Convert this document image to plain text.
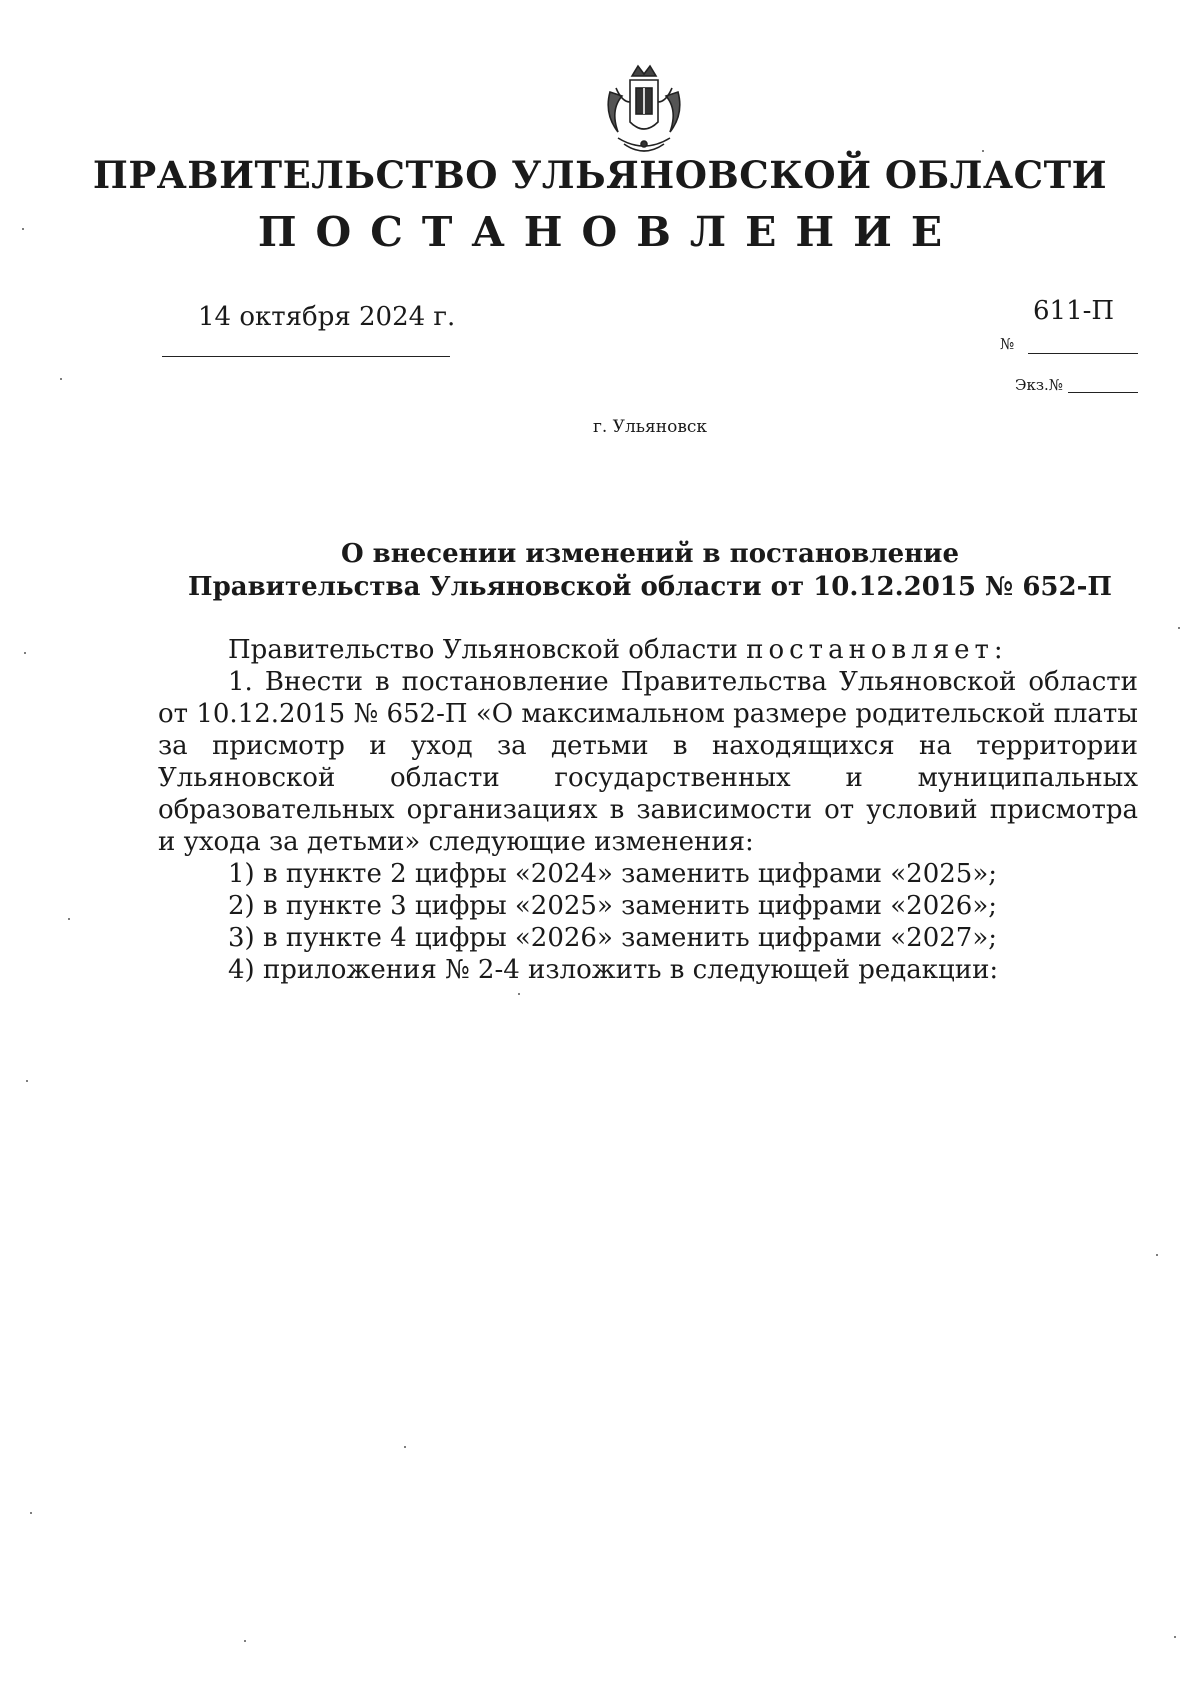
ПРАВИТЕЛЬСТВО УЛЬЯНОВСКОЙ ОБЛАСТИ
ПОСТАНОВЛЕНИЕ
14 октября 2024 г.	611-П
№
Экз.№
г. Ульяновск
О внесении изменений в постановление
Правительства Ульяновской области от 10.12.2015 № 652-П

Правительство Ульяновской области постановляет:

1. Внести в постановление Правительства Ульяновской области от 10.12.2015 № 652-П «О максимальном размере родительской платы за присмотр и уход за детьми в находящихся на территории Ульяновской области государственных и муниципальных образовательных организациях в зависимости от условий присмотра и ухода за детьми» следующие изменения:

1) в пункте 2 цифры «2024» заменить цифрами «2025»;

2) в пункте 3 цифры «2025» заменить цифрами «2026»;

3) в пункте 4 цифры «2026» заменить цифрами «2027»;

4) приложения № 2-4 изложить в следующей редакции:
